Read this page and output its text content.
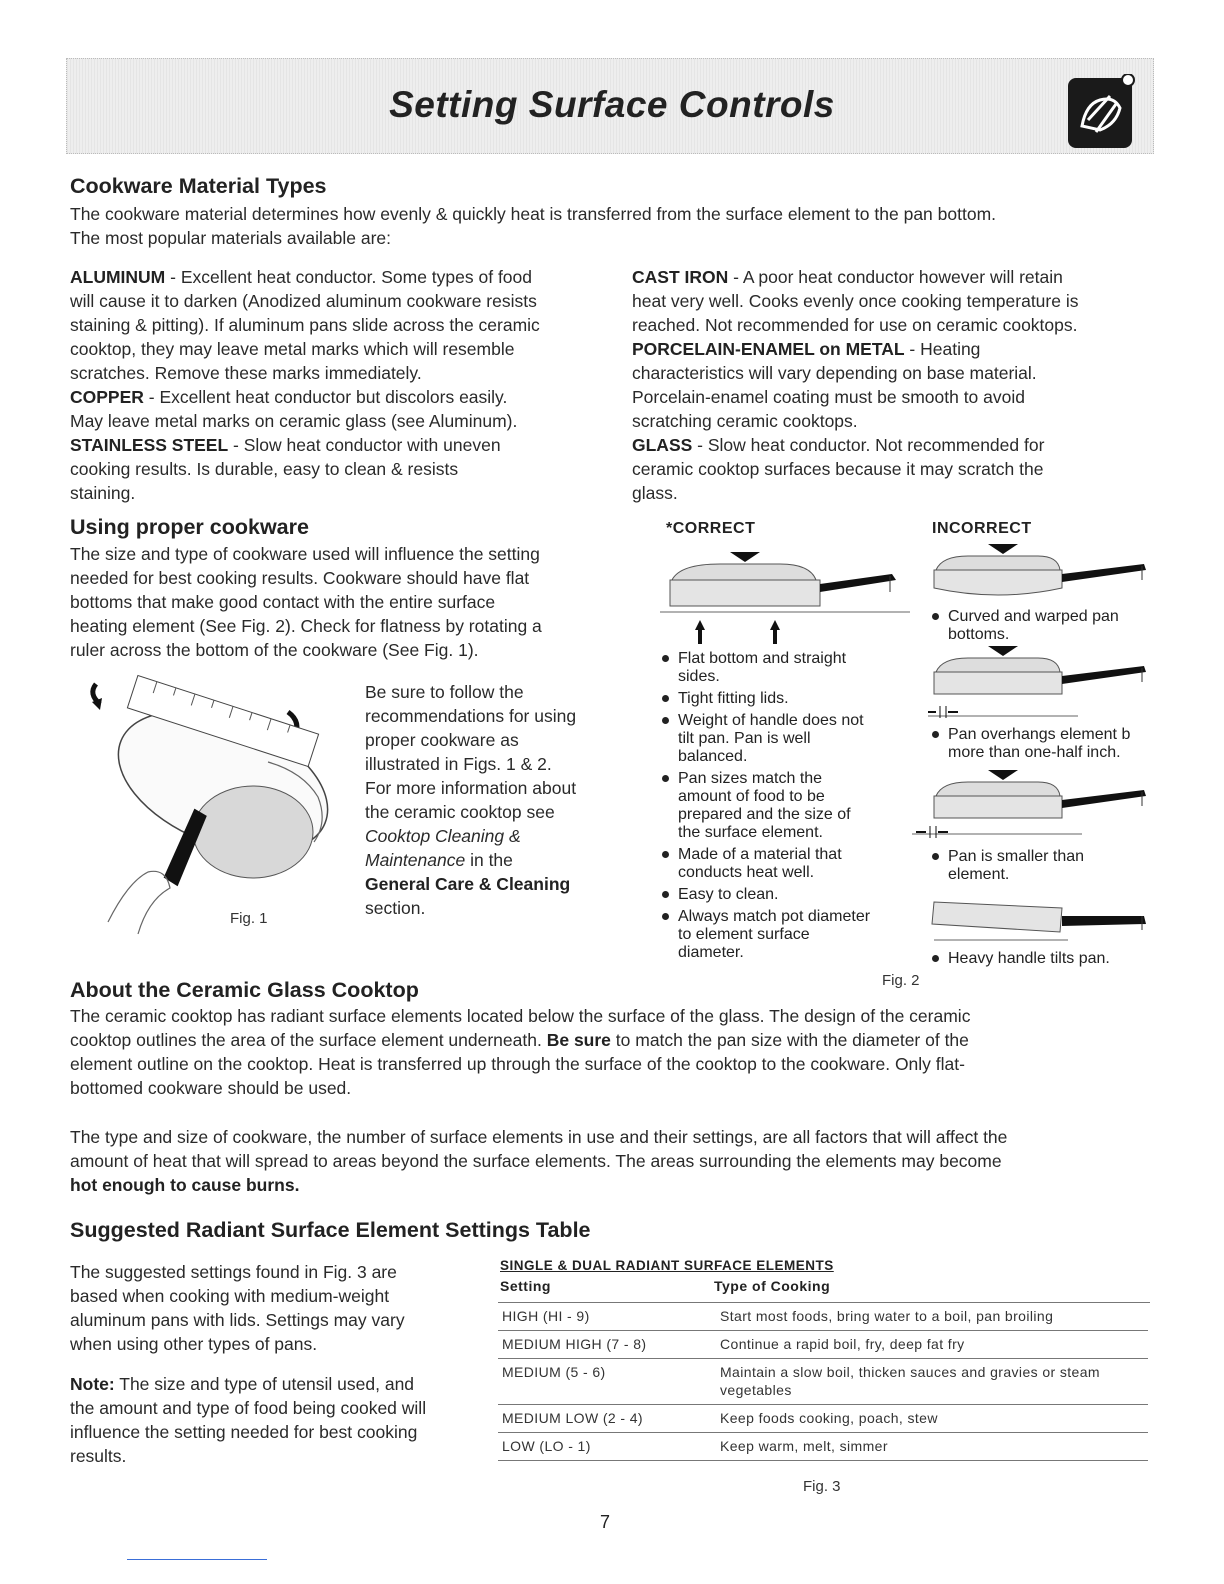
Setting Surface Controls
Cookware Material Types
The cookware material determines how evenly & quickly heat is transferred from the surface element to the pan bottom.
The most popular materials available are:
ALUMINUM - Excellent heat conductor. Some types of food
will cause it to darken (Anodized aluminum cookware resists
staining & pitting). If aluminum pans slide across the ceramic
cooktop, they may leave metal marks which will resemble
scratches. Remove these marks immediately.
COPPER - Excellent heat conductor but discolors easily.
May leave metal marks on ceramic glass (see Aluminum).
STAINLESS STEEL - Slow heat conductor with uneven
cooking results. Is durable, easy to clean & resists
staining.
CAST IRON - A poor heat conductor however will retain
heat very well. Cooks evenly once cooking temperature is
reached. Not recommended for use on ceramic cooktops.
PORCELAIN-ENAMEL on METAL - Heating
characteristics will vary depending on base material.
Porcelain-enamel coating must be smooth to avoid
scratching ceramic cooktops.
GLASS - Slow heat conductor. Not recommended for
ceramic cooktop surfaces because it may scratch the
glass.
Using proper cookware
The size and type of cookware used will influence the setting
needed for best cooking results. Cookware should have flat
bottoms that make good contact with the entire surface
heating element (See Fig. 2). Check for flatness by rotating a
ruler across the bottom of the cookware (See Fig. 1).
Fig. 1
Be sure to follow the
recommendations for using
proper cookware as
illustrated in Figs. 1 & 2.
For more information about
the ceramic cooktop see
Cooktop Cleaning &
Maintenance in the
General Care & Cleaning
section.
*CORRECT	INCORRECT
Flat bottom and straight
sides.
Tight fitting lids.
Weight of handle does not
tilt pan. Pan is well
balanced.
Pan sizes match the
amount of food to be
prepared and the size of
the surface element.
Made of a material that
conducts heat well.
Easy to clean.
Always match pot diameter
to element surface
diameter.
Curved and warped pan
bottoms.
Pan overhangs element b
more than one-half inch.
Pan is smaller than
element.
Heavy handle tilts pan.
Fig. 2
About the Ceramic Glass Cooktop
The ceramic cooktop has radiant surface elements located below the surface of the glass. The design of the ceramic
cooktop outlines the area of the surface element underneath. Be sure to match the pan size with the diameter of the
element outline on the cooktop. Heat is transferred up through the surface of the cooktop to the cookware. Only flat-
bottomed cookware should be used.
The type and size of cookware, the number of surface elements in use and their settings, are all factors that will affect the
amount of heat that will spread to areas beyond the surface elements. The areas surrounding the elements may become
hot enough to cause burns.
Suggested Radiant Surface Element Settings Table
The suggested settings found in Fig. 3 are
based when cooking with medium-weight
aluminum pans with lids. Settings may vary
when using other types of pans.
Note: The size and type of utensil used, and
the amount and type of food being cooked will
influence the setting needed for best cooking
results.
SINGLE & DUAL RADIANT SURFACE ELEMENTS
Setting	Type of Cooking
HIGH (HI - 9)	Start most foods, bring water to a boil, pan broiling
MEDIUM HIGH (7 - 8)	Continue a rapid boil, fry, deep fat fry
MEDIUM (5 - 6)	Maintain a slow boil, thicken sauces and gravies or steam vegetables
MEDIUM LOW (2 - 4)	Keep foods cooking, poach, stew
LOW (LO - 1)	Keep warm, melt, simmer
Fig. 3
7
